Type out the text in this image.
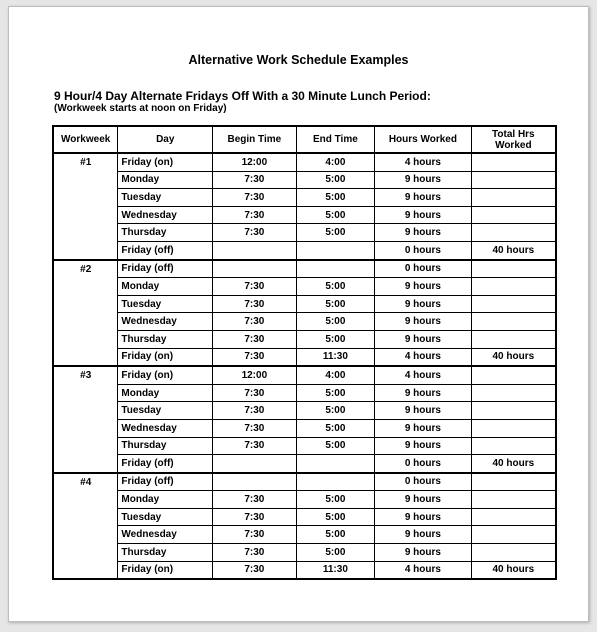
Alternative Work Schedule Examples
9 Hour/4 Day Alternate Fridays Off With a 30 Minute Lunch Period:
(Workweek starts at noon on Friday)
Workweek	Day	Begin Time	End Time	Hours Worked	Total Hrs Worked
#1	Friday (on)	12:00	4:00	4 hours	
	Monday	7:30	5:00	9 hours	
	Tuesday	7:30	5:00	9 hours	
	Wednesday	7:30	5:00	9 hours	
	Thursday	7:30	5:00	9 hours	
	Friday (off)			0 hours	40 hours
#2	Friday (off)			0 hours	
	Monday	7:30	5:00	9 hours	
	Tuesday	7:30	5:00	9 hours	
	Wednesday	7:30	5:00	9 hours	
	Thursday	7:30	5:00	9 hours	
	Friday (on)	7:30	11:30	4 hours	40 hours
#3	Friday (on)	12:00	4:00	4 hours	
	Monday	7:30	5:00	9 hours	
	Tuesday	7:30	5:00	9 hours	
	Wednesday	7:30	5:00	9 hours	
	Thursday	7:30	5:00	9 hours	
	Friday (off)			0 hours	40 hours
#4	Friday (off)			0 hours	
	Monday	7:30	5:00	9 hours	
	Tuesday	7:30	5:00	9 hours	
	Wednesday	7:30	5:00	9 hours	
	Thursday	7:30	5:00	9 hours	
	Friday (on)	7:30	11:30	4 hours	40 hours
